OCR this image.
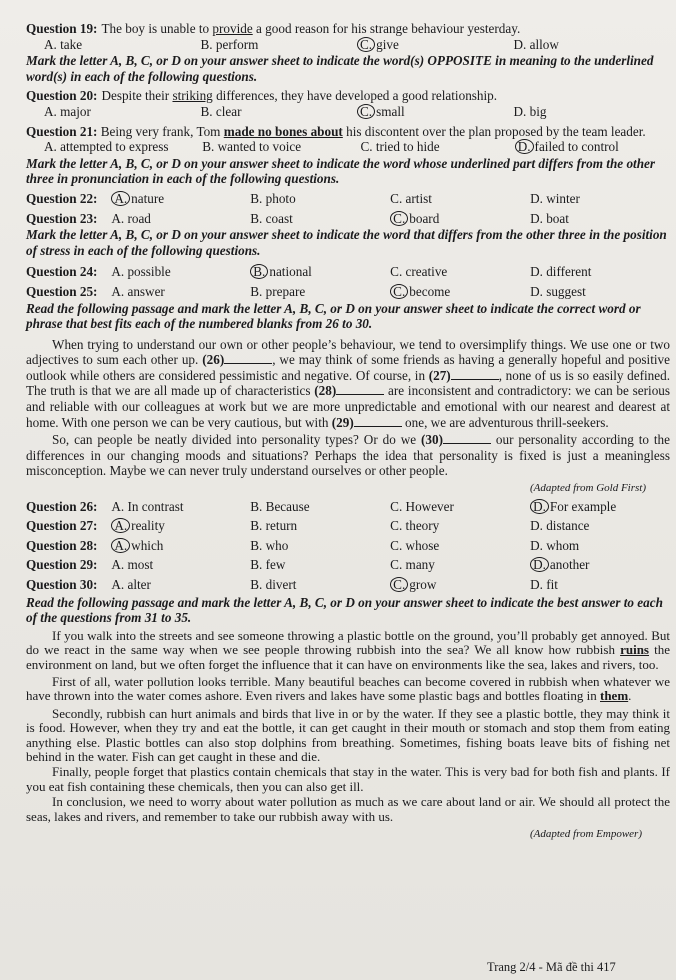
Question 19: The boy is unable to provide a good reason for his strange behaviour yesterday.
A. take	B. perform	C. give	D. allow
Mark the letter A, B, C, or D on your answer sheet to indicate the word(s) OPPOSITE in meaning to the underlined word(s) in each of the following questions.
Question 20: Despite their striking differences, they have developed a good relationship.
A. major	B. clear	C. small	D. big
Question 21: Being very frank, Tom made no bones about his discontent over the plan proposed by the team leader.
A. attempted to express	B. wanted to voice	C. tried to hide	D. failed to control
Mark the letter A, B, C, or D on your answer sheet to indicate the word whose underlined part differs from the other three in pronunciation in each of the following questions.
Question 22:	A. nature	B. photo	C. artist	D. winter
Question 23:	A. road	B. coast	C. board	D. boat
Mark the letter A, B, C, or D on your answer sheet to indicate the word that differs from the other three in the position of stress in each of the following questions.
Question 24:	A. possible	B. national	C. creative	D. different
Question 25:	A. answer	B. prepare	C. become	D. suggest
Read the following passage and mark the letter A, B, C, or D on your answer sheet to indicate the correct word or phrase that best fits each of the numbered blanks from 26 to 30.
When trying to understand our own or other people’s behaviour, we tend to oversimplify things. We use one or two adjectives to sum each other up. (26)	, we may think of some friends as having a generally hopeful and positive outlook while others are considered pessimistic and negative. Of course, in (27)	, none of us is so easily defined. The truth is that we are all made up of characteristics (28)	are inconsistent and contradictory: we can be serious and reliable with our colleagues at work but we are more unpredictable and emotional with our nearest and dearest at home. With one person we can be very cautious, but with (29)	one, we are adventurous thrill-seekers.
So, can people be neatly divided into personality types? Or do we (30)	our personality according to the differences in our changing moods and situations? Perhaps the idea that personality is fixed is just a meaningless misconception. Maybe we can never truly understand ourselves or other people.
(Adapted from Gold First)
Question 26:	A. In contrast	B. Because	C. However	D. For example
Question 27:	A. reality	B. return	C. theory	D. distance
Question 28:	A. which	B. who	C. whose	D. whom
Question 29:	A. most	B. few	C. many	D. another
Question 30:	A. alter	B. divert	C. grow	D. fit
Read the following passage and mark the letter A, B, C, or D on your answer sheet to indicate the best answer to each of the questions from 31 to 35.
If you walk into the streets and see someone throwing a plastic bottle on the ground, you’ll probably get annoyed. But do we react in the same way when we see people throwing rubbish into the sea? We all know how rubbish ruins the environment on land, but we often forget the influence that it can have on environments like the sea, lakes and rivers, too.
First of all, water pollution looks terrible. Many beautiful beaches can become covered in rubbish when whatever we have thrown into the water comes ashore. Even rivers and lakes have some plastic bags and bottles floating in them.
Secondly, rubbish can hurt animals and birds that live in or by the water. If they see a plastic bottle, they may think it is food. However, when they try and eat the bottle, it can get caught in their mouth or stomach and stop them from eating anything else. Plastic bottles can also stop dolphins from breathing. Sometimes, fishing boats leave bits of fishing net behind in the water. Fish can get caught in these and die.
Finally, people forget that plastics contain chemicals that stay in the water. This is very bad for both fish and plants. If you eat fish containing these chemicals, then you can also get ill.
In conclusion, we need to worry about water pollution as much as we care about land or air. We should all protect the seas, lakes and rivers, and remember to take our rubbish away with us.
(Adapted from Empower)
Trang 2/4 - Mã đề thi 417
